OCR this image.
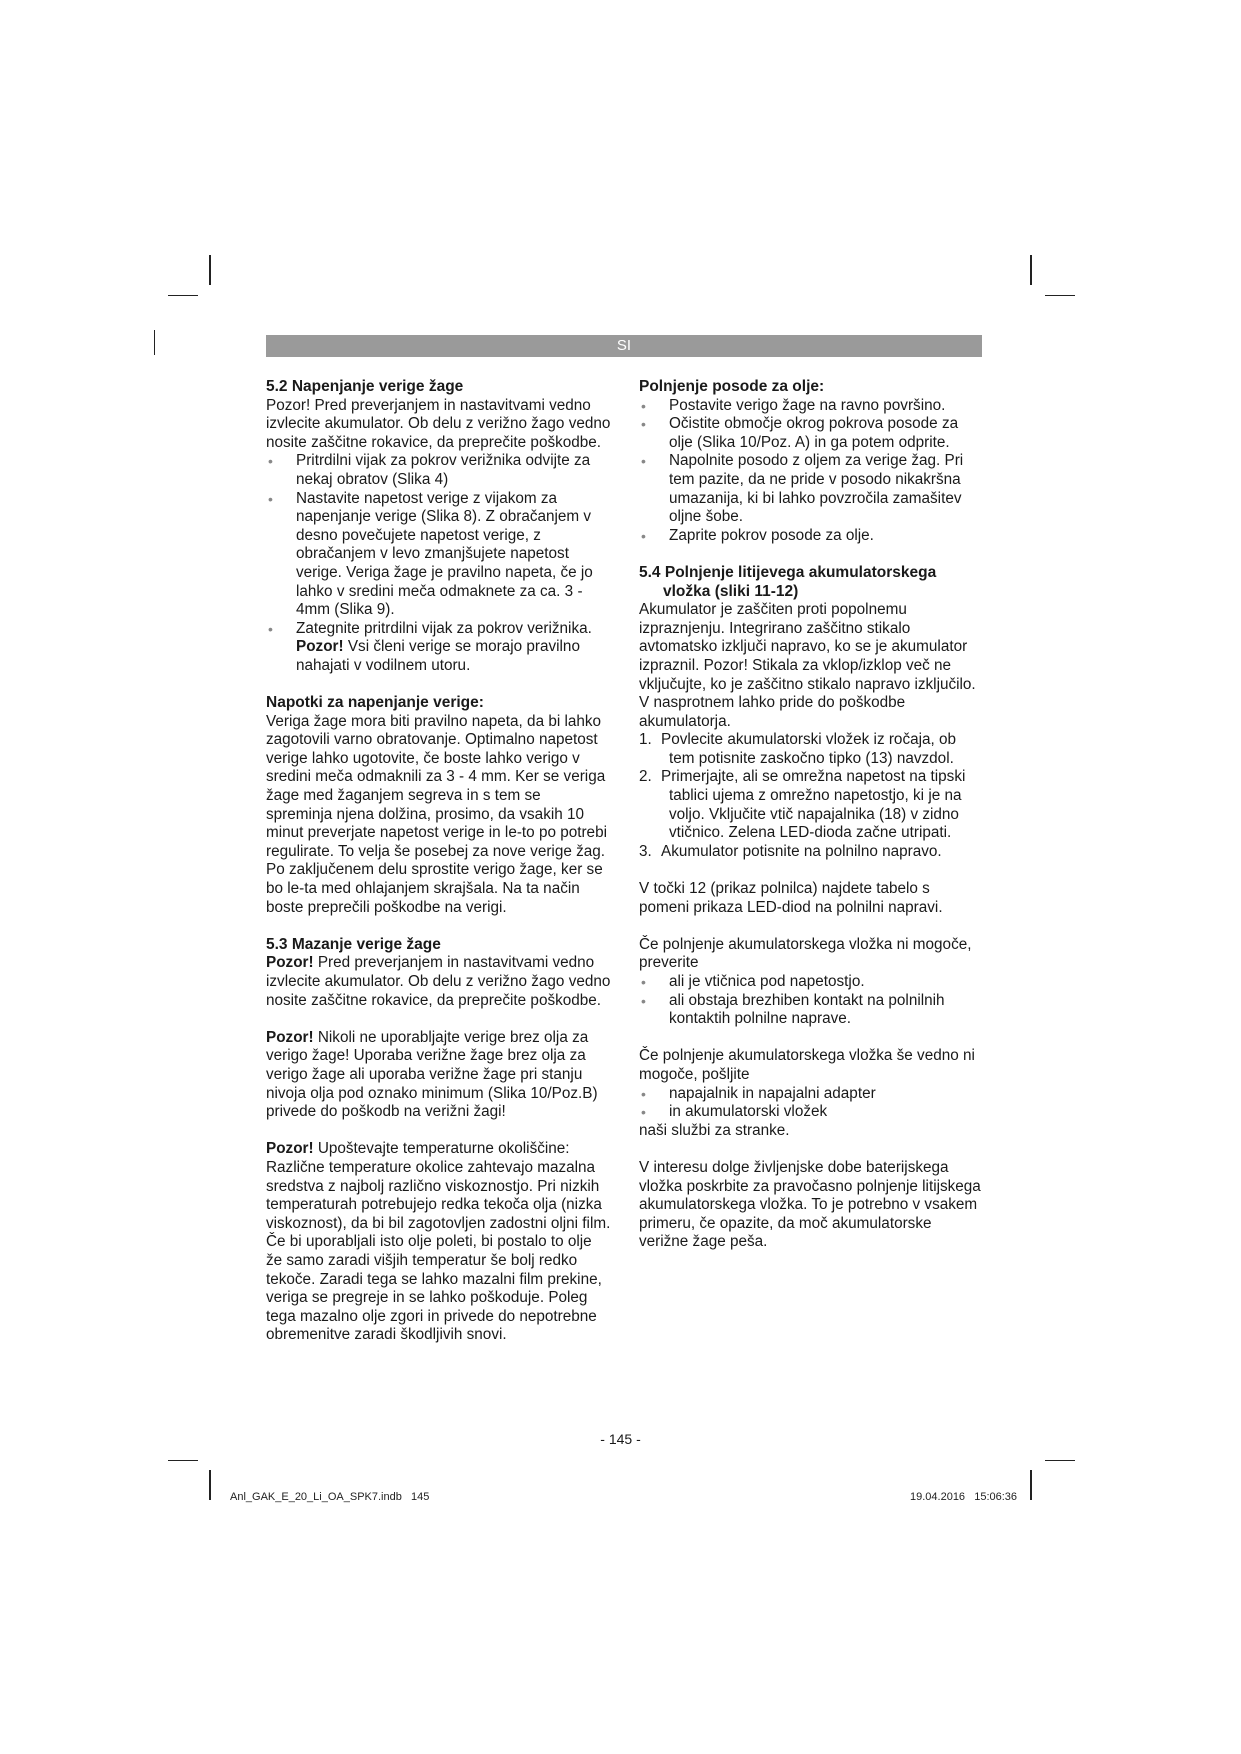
SI
5.2 Napenjanje verige žage

Pozor! Pred preverjanjem in nastavitvami vedno izvlecite akumulator. Ob delu z verižno žago vedno nosite zaščitne rokavice, da preprečite poškodbe.

• Pritrdilni vijak za pokrov verižnika odvijte za nekaj obratov (Slika 4)

• Nastavite napetost verige z vijakom za napenjanje verige (Slika 8). Z obračanjem v desno povečujete napetost verige, z obračanjem v levo zmanjšujete napetost verige. Veriga žage je pravilno napeta, če jo lahko v sredini meča odmaknete za ca. 3 - 4mm (Slika 9).

• Zategnite pritrdilni vijak za pokrov verižnika.
Pozor! Vsi členi verige se morajo pravilno nahajati v vodilnem utoru.

Napotki za napenjanje verige:

Veriga žage mora biti pravilno napeta, da bi lahko zagotovili varno obratovanje. Optimalno napetost verige lahko ugotovite, če boste lahko verigo v sredini meča odmaknili za 3 - 4 mm. Ker se veriga žage med žaganjem segreva in s tem se spreminja njena dolžina, prosimo, da vsakih 10 minut preverjate napetost verige in le-to po potrebi regulirate. To velja še posebej za nove verige žag. Po zaključenem delu sprostite verigo žage, ker se bo le-ta med ohlajanjem skrajšala. Na ta način boste preprečili poškodbe na verigi.

5.3 Mazanje verige žage

Pozor! Pred preverjanjem in nastavitvami vedno izvlecite akumulator. Ob delu z verižno žago vedno nosite zaščitne rokavice, da preprečite poškodbe.

Pozor! Nikoli ne uporabljajte verige brez olja za verigo žage! Uporaba verižne žage brez olja za verigo žage ali uporaba verižne žage pri stanju nivoja olja pod oznako minimum (Slika 10/Poz.B) privede do poškodb na verižni žagi!

Pozor! Upoštevajte temperaturne okoliščine: Različne temperature okolice zahtevajo mazalna sredstva z najbolj različno viskoznostjo. Pri nizkih temperaturah potrebujejo redka tekoča olja (nizka viskoznost), da bi bil zagotovljen zadostni oljni film. Če bi uporabljali isto olje poleti, bi postalo to olje že samo zaradi višjih temperatur še bolj redko tekoče. Zaradi tega se lahko mazalni film prekine, veriga se pregreje in se lahko poškoduje. Poleg tega mazalno olje zgori in privede do nepotrebne obremenitve zaradi škodljivih snovi.

Polnjenje posode za olje:

• Postavite verigo žage na ravno površino.

• Očistite območje okrog pokrova posode za olje (Slika 10/Poz. A) in ga potem odprite.

• Napolnite posodo z oljem za verige žag. Pri tem pazite, da ne pride v posodo nikakršna umazanija, ki bi lahko povzročila zamašitev oljne šobe.

• Zaprite pokrov posode za olje.

5.4 Polnjenje litijevega akumulatorskega

vložka (sliki 11-12)

Akumulator je zaščiten proti popolnemu izpraznjenju. Integrirano zaščitno stikalo avtomatsko izključi napravo, ko se je akumulator izpraznil. Pozor! Stikala za vklop/izklop več ne vključujte, ko je zaščitno stikalo napravo izključilo. V nasprotnem lahko pride do poškodbe akumulatorja.

1. Povlecite akumulatorski vložek iz ročaja, ob
tem potisnite zaskočno tipko (13) navzdol.

2. Primerjajte, ali se omrežna napetost na tipski
tablici ujema z omrežno napetostjo, ki je na voljo. Vključite vtič napajalnika (18) v zidno vtičnico. Zelena LED-dioda začne utripati.

3. Akumulator potisnite na polnilno napravo.

V točki 12 (prikaz polnilca) najdete tabelo s pomeni prikaza LED-diod na polnilni napravi.

Če polnjenje akumulatorskega vložka ni mogoče, preverite

• ali je vtičnica pod napetostjo.

• ali obstaja brezhiben kontakt na polnilnih kontaktih polnilne naprave.

Če polnjenje akumulatorskega vložka še vedno ni mogoče, pošljite

• napajalnik in napajalni adapter

• in akumulatorski vložek

naši službi za stranke.

V interesu dolge življenjske dobe baterijskega vložka poskrbite za pravočasno polnjenje litijskega akumulatorskega vložka. To je potrebno v vsakem primeru, če opazite, da moč akumulatorske verižne žage peša.

- 145 -
Anl_GAK_E_20_Li_OA_SPK7.indb   145	19.04.2016   15:06:36
